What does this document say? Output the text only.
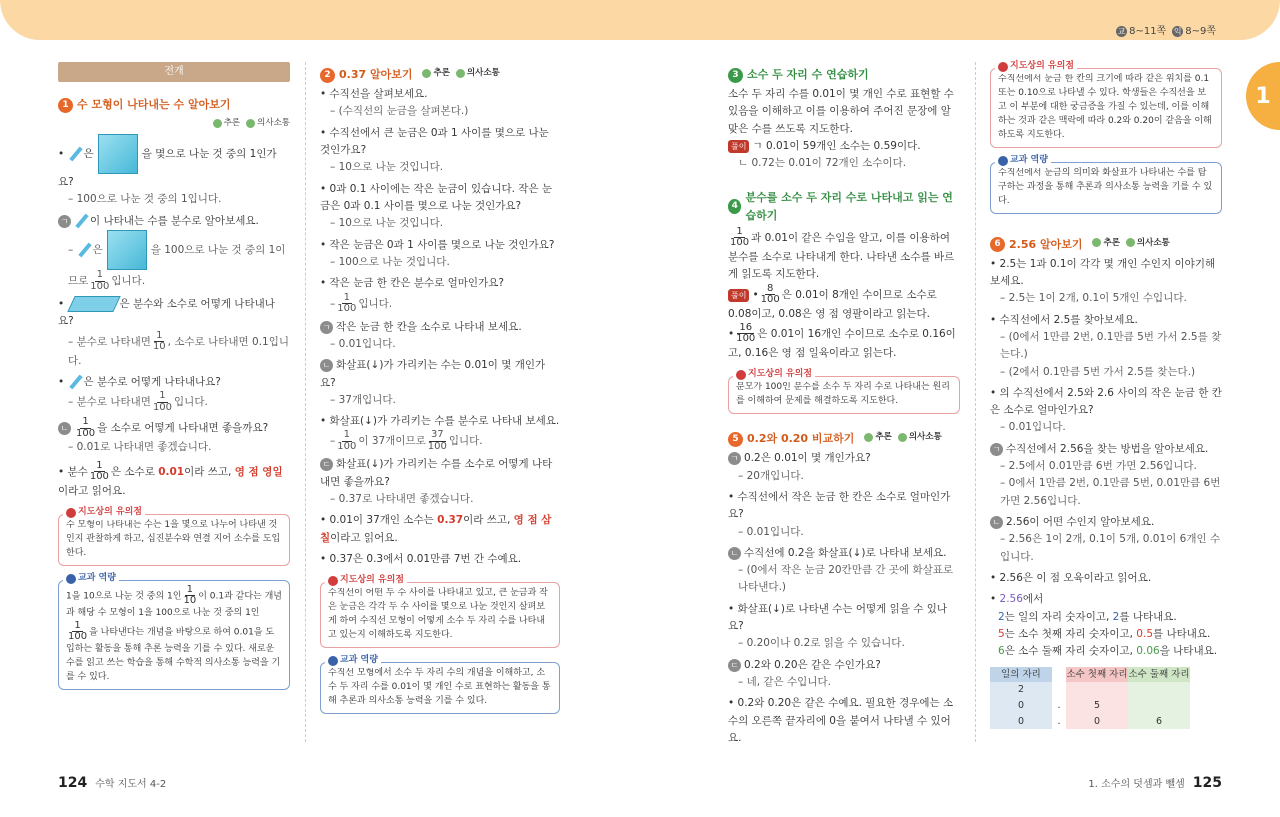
교 8~11쪽 익 8~9쪽
1
전개
1 수 모형이 나타내는 수 알아보기
추론 의사소통

• 은	을 몇으로 나눈 것 중의 1인가요?

– 100으로 나눈 것 중의 1입니다.

ㄱ 이 나타내는 수를 분수로 알아보세요.

– 은	을 100으로 나눈 것 중의 1이

므로 $\frac{1}{100}$ 입니다.

•	은 분수와 소수로 어떻게 나타내나요?

– 분수로 나타내면 $\frac{1}{10}$ , 소수로 나타내면 0.1입니다.

• 은 분수로 어떻게 나타내나요?

– 분수로 나타내면 $\frac{1}{100}$ 입니다.

ㄴ $\frac{1}{100}$ 을 소수로 어떻게 나타내면 좋을까요?

– 0.01로 나타내면 좋겠습니다.

• 분수 $\frac{1}{100}$ 은 소수로 0.01이라 쓰고, 영 점 영일이라고 읽어요.

지도상의 유의점
수 모형이 나타내는 수는 1을 몇으로 나누어 나타낸 것인지 관찰하게 하고, 십진분수와 연결 지어 소수를 도입한다.
교과 역량
1을 10으로 나눈 것 중의 1인 $\frac{1}{10}$ 이 0.1과 같다는 개념과 해당 수 모형이 1을 100으로 나눈 것 중의 1인
$\frac{1}{100}$ 을 나타낸다는 개념을 바탕으로 하여 0.01을 도입하는 활동을 통해 추론 능력을 기를 수 있다. 새로운 수를 읽고 쓰는 학습을 통해 수학적 의사소통 능력을 기를 수 있다.
2 0.37 알아보기 추론 의사소통

• 수직선을 살펴보세요.

– (수직선의 눈금을 살펴본다.)

• 수직선에서 큰 눈금은 0과 1 사이를 몇으로 나눈 것인가요?

– 10으로 나눈 것입니다.

• 0과 0.1 사이에는 작은 눈금이 있습니다. 작은 눈금은 0과 0.1 사이를 몇으로 나눈 것인가요?

– 10으로 나눈 것입니다.

• 작은 눈금은 0과 1 사이를 몇으로 나눈 것인가요?

– 100으로 나눈 것입니다.

• 작은 눈금 한 칸은 분수로 얼마인가요?

– $\frac{1}{100}$ 입니다.

ㄱ 작은 눈금 한 칸을 소수로 나타내 보세요.

– 0.01입니다.

ㄴ 화살표(↓)가 가리키는 수는 0.01이 몇 개인가요?

– 37개입니다.

• 화살표(↓)가 가리키는 수를 분수로 나타내 보세요.

– $\frac{1}{100}$ 이 37개이므로 $\frac{37}{100}$ 입니다.

ㄷ 화살표(↓)가 가리키는 수를 소수로 어떻게 나타내면 좋을까요?

– 0.37로 나타내면 좋겠습니다.

• 0.01이 37개인 소수는 0.37이라 쓰고, 영 점 삼칠이라고 읽어요.

• 0.37은 0.3에서 0.01만큼 7번 간 수예요.

지도상의 유의점
수직선이 어떤 두 수 사이를 나타내고 있고, 큰 눈금과 작은 눈금은 각각 두 수 사이를 몇으로 나눈 것인지 살펴보게 하여 수직선 모형이 어떻게 소수 두 자리 수를 나타내고 있는지 이해하도록 지도한다.
교과 역량
수직선 모형에서 소수 두 자리 수의 개념을 이해하고, 소수 두 자리 수를 0.01이 몇 개인 수로 표현하는 활동을 통해 추론과 의사소통 능력을 기를 수 있다.
3 소수 두 자리 수 연습하기

소수 두 자리 수를 0.01이 몇 개인 수로 표현할 수 있음을 이해하고 이를 이용하여 주어진 문장에 알맞은 수를 쓰도록 지도한다.

풀이 ㄱ 0.01이 59개인 소수는 0.59이다.

ㄴ 0.72는 0.01이 72개인 소수이다.

4
분수를 소수 두 자리 수로 나타내고 읽는 연습하기

$\frac{1}{100}$ 과 0.01이 같은 수임을 알고, 이를 이용하여 분수를 소수로 나타내게 한다. 나타낸 소수를 바르게 읽도록 지도한다.

풀이 • $\frac{8}{100}$ 은 0.01이 8개인 수이므로 소수로 0.08이고, 0.08은 영 점 영팔이라고 읽는다.

• $\frac{16}{100}$ 은 0.01이 16개인 수이므로 소수로 0.16이고, 0.16은 영 점 일육이라고 읽는다.

지도상의 유의점
분모가 100인 분수를 소수 두 자리 수로 나타내는 원리를 이해하여 문제를 해결하도록 지도한다.
5 0.2와 0.20 비교하기 추론 의사소통

ㄱ 0.2은 0.01이 몇 개인가요?

– 20개입니다.

• 수직선에서 작은 눈금 한 칸은 소수로 얼마인가요?

– 0.01입니다.

ㄴ 수직선에 0.2을 화살표(↓)로 나타내 보세요.

– (0에서 작은 눈금 20칸만큼 간 곳에 화살표로 나타낸다.)

• 화살표(↓)로 나타낸 수는 어떻게 읽을 수 있나요?

– 0.20이나 0.2로 읽을 수 있습니다.

ㄷ 0.2와 0.20은 같은 수인가요?

– 네, 같은 수입니다.

• 0.2와 0.20은 같은 수예요. 필요한 경우에는 소수의 오른쪽 끝자리에 0을 붙여서 나타낼 수 있어요.

지도상의 유의점
수직선에서 눈금 한 칸의 크기에 따라 같은 위치를 0.1 또는 0.10으로 나타낼 수 있다. 학생들은 수직선을 보고 이 부분에 대한 궁금증을 가질 수 있는데, 이를 이해하는 것과 같은 맥락에 따라 0.2와 0.20이 같음을 이해하도록 지도한다.
교과 역량
수직선에서 눈금의 의미와 화살표가 나타내는 수를 탐구하는 과정을 통해 추론과 의사소통 능력을 기를 수 있다.
6 2.56 알아보기 추론 의사소통

• 2.5는 1과 0.1이 각각 몇 개인 수인지 이야기해 보세요.

– 2.5는 1이 2개, 0.1이 5개인 수입니다.

• 수직선에서 2.5를 찾아보세요.

– (0에서 1만큼 2번, 0.1만큼 5번 가서 2.5를 찾는다.)

– (2에서 0.1만큼 5번 가서 2.5를 찾는다.)

• 의 수직선에서 2.5와 2.6 사이의 작은 눈금 한 칸은 소수로 얼마인가요?

– 0.01입니다.

ㄱ 수직선에서 2.56을 찾는 방법을 알아보세요.

– 2.5에서 0.01만큼 6번 가면 2.56입니다.

– 0에서 1만큼 2번, 0.1만큼 5번, 0.01만큼 6번 가면 2.56입니다.

ㄴ 2.56이 어떤 수인지 알아보세요.

– 2.56은 1이 2개, 0.1이 5개, 0.01이 6개인 수입니다.

• 2.56은 이 점 오육이라고 읽어요.

• 2.56에서

2는 일의 자리 숫자이고, 2를 나타내요.

5는 소수 첫째 자리 숫자이고, 0.5를 나타내요.

6은 소수 둘째 자리 숫자이고, 0.06을 나타내요.

일의 자리		소수 첫째 자리	소수 둘째 자리
2			
0	.	5	
0	.	0	6
124 수학 지도서 4-2	1. 소수의 덧셈과 뺄셈 125
